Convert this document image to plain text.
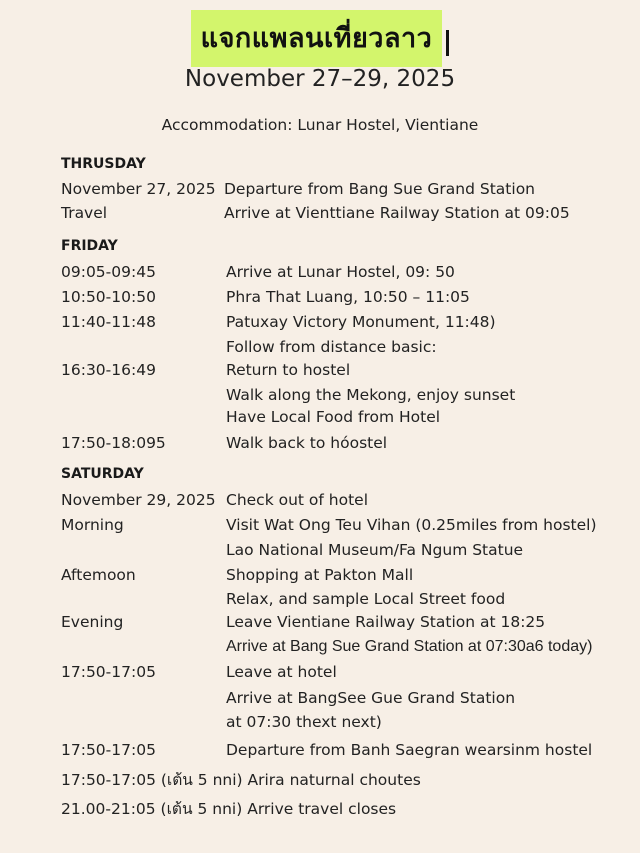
แจกแพลนเที่ยวลาว
November 27–29, 2025
Accommodation: Lunar Hostel, Vientiane
THRUSDAY
November 27, 2025 Departure from Bang Sue Grand Station
Travel	Arrive at Vienttiane Railway Station at 09:05
FRIDAY
09:05-09:45	Arrive at Lunar Hostel, 09: 50
10:50-10:50	Phra That Luang, 10:50 – 11:05
11:40-11:48	Patuxay Victory Monument, 11:48)
Follow from distance basic:
16:30-16:49	Return to hostel
Walk along the Mekong, enjoy sunset
Have Local Food from Hotel
17:50-18:095	Walk back to hóostel
SATURDAY
November 29, 2025 Check out of hotel
Morning	Visit Wat Ong Teu Vihan (0.25miles from hostel)
Lao National Museum/Fa Ngum Statue
Aftemoon	Shopping at Pakton Mall
Relax, and sample Local Street food
Evening	Leave Vientiane Railway Station at 18:25
Arrive at Bang Sue Grand Station at 07:30a6 today)
17:50-17:05	Leave at hotel
Arrive at BangSee Gue Grand Station
at 07:30 thext next)
17:50-17:05	Departure from Banh Saegran wearsinm hostel
17:50-17:05 (เต้น 5 nni) Arira naturnal choutes
21.00-21:05 (เต้น 5 nni) Arrive travel closes
